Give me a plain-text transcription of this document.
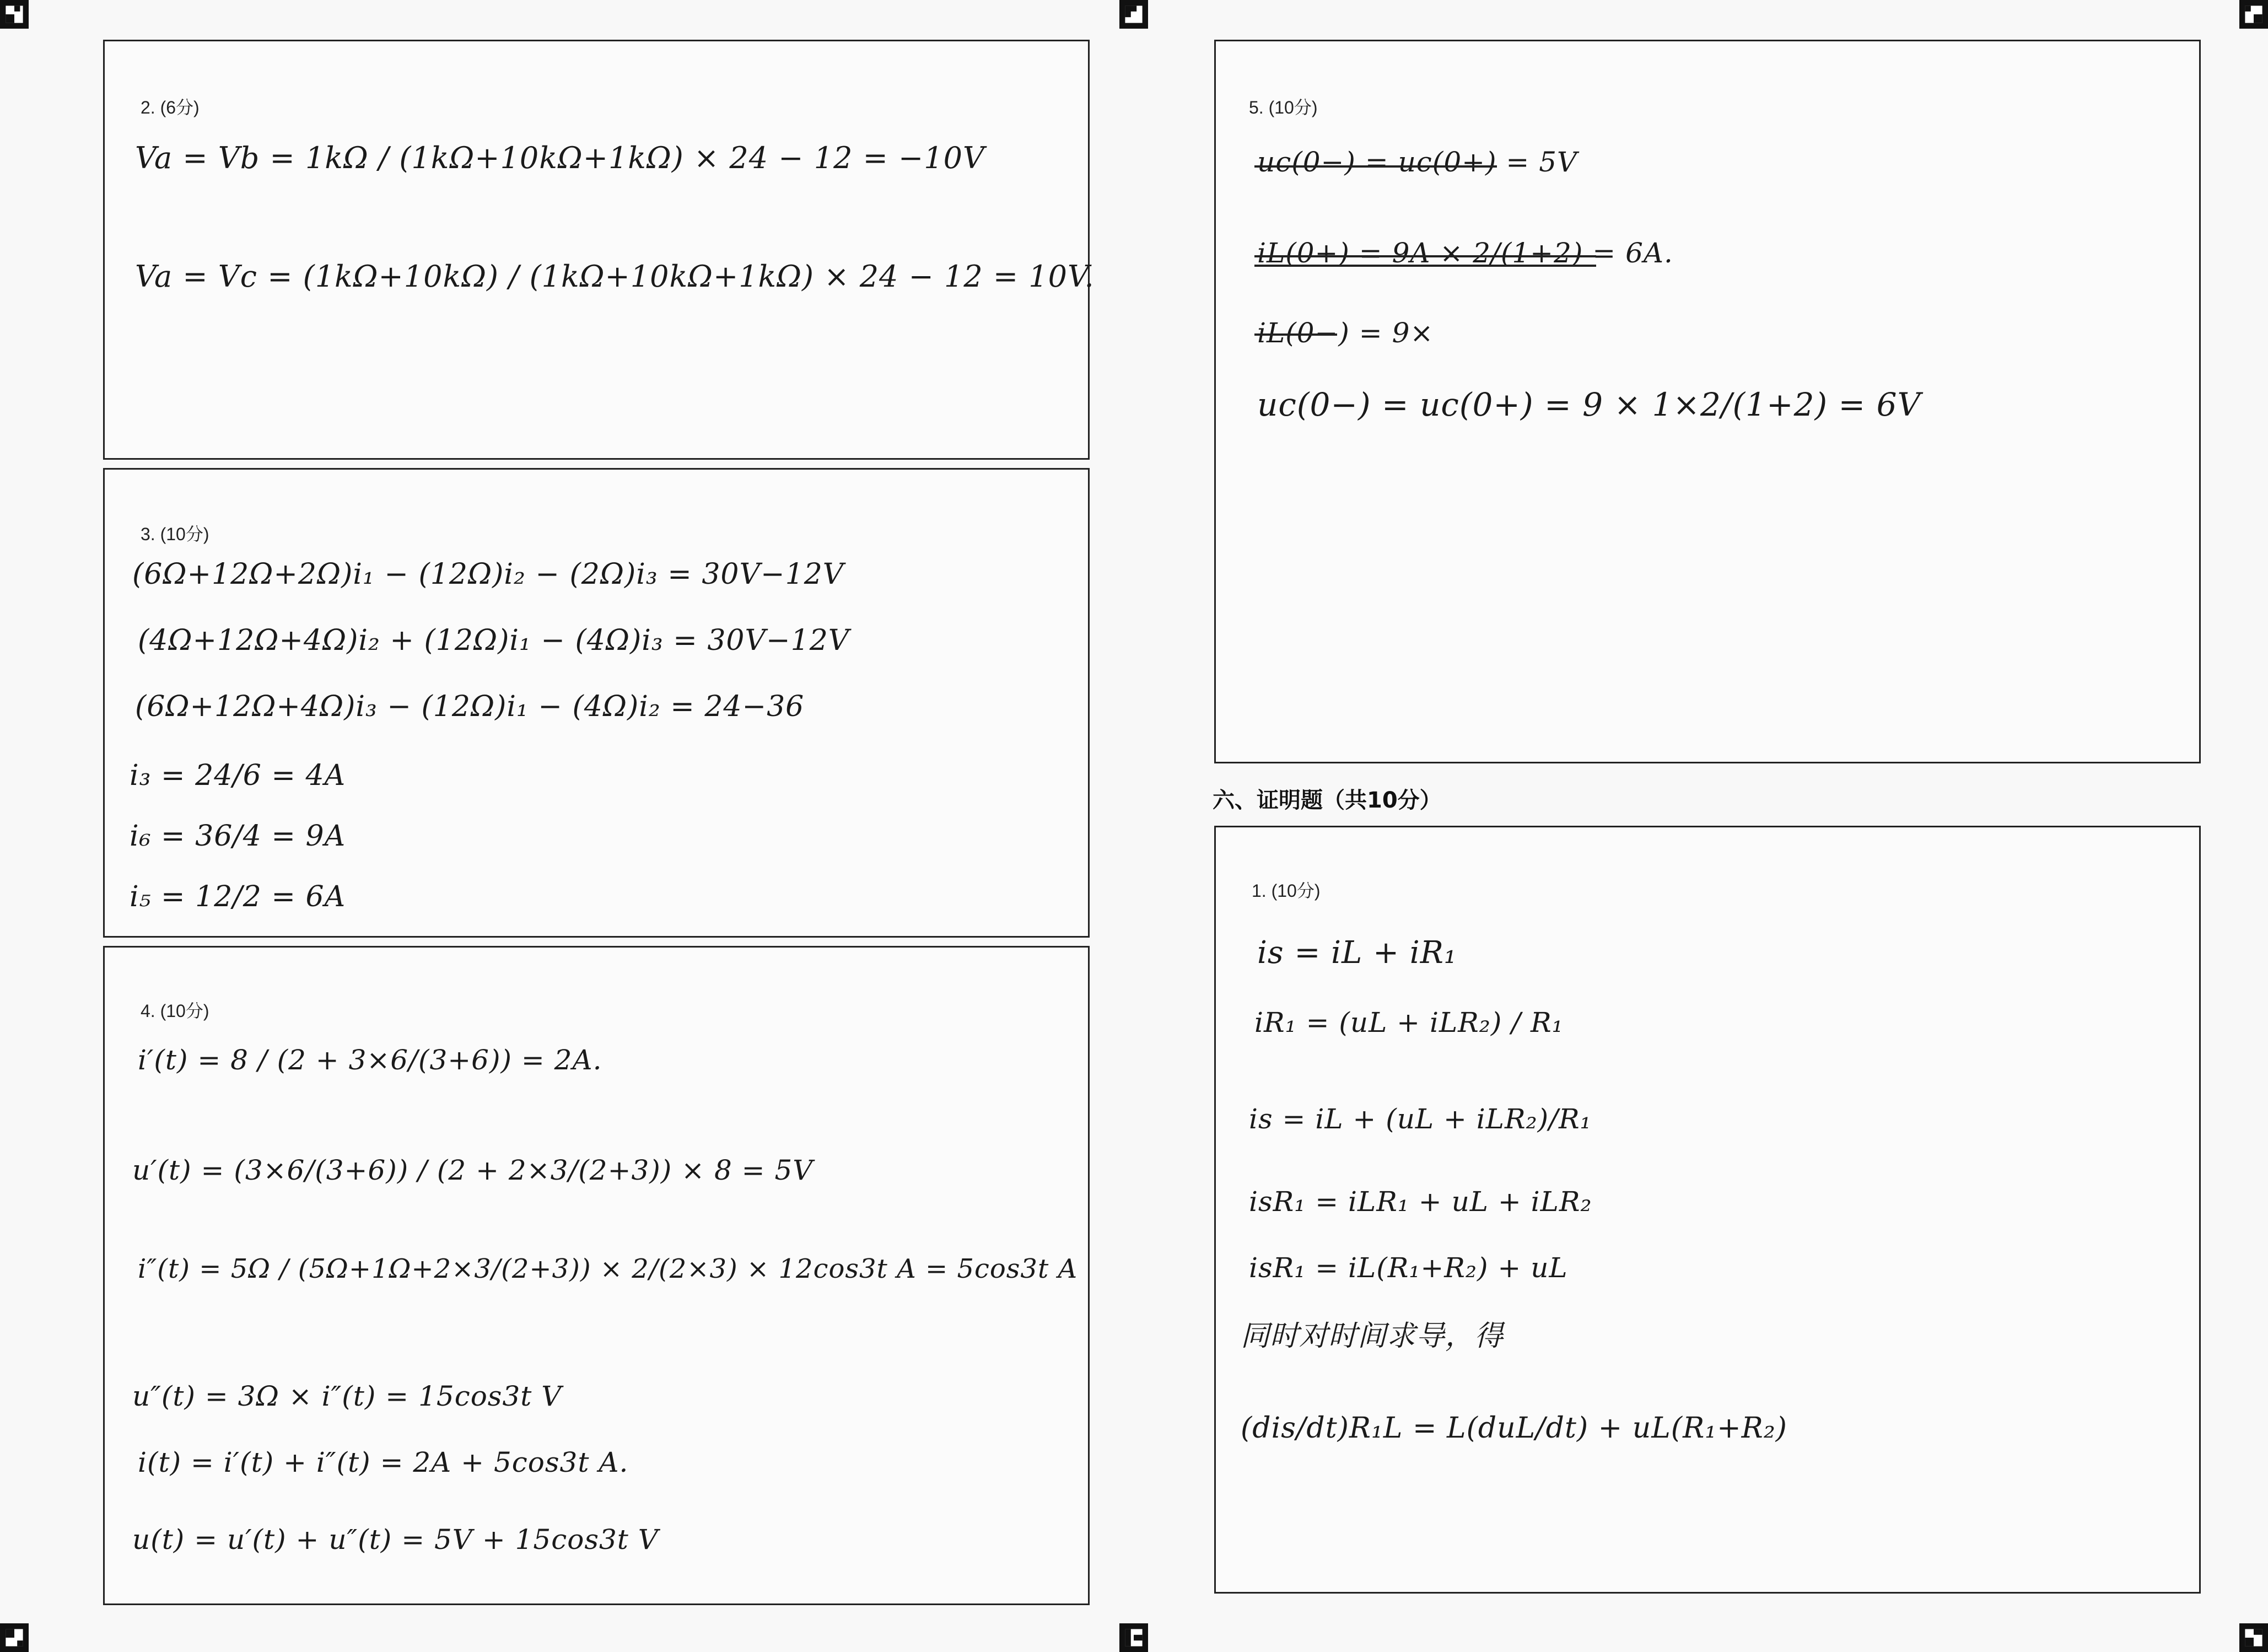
2. (6分)
Va = Vb = 1kΩ / (1kΩ+10kΩ+1kΩ) × 24 − 12 = −10V
Va = Vc = (1kΩ+10kΩ) / (1kΩ+10kΩ+1kΩ) × 24 − 12 = 10V.
3. (10分)
(6Ω+12Ω+2Ω)i₁ − (12Ω)i₂ − (2Ω)i₃ = 30V−12V
(4Ω+12Ω+4Ω)i₂ + (12Ω)i₁ − (4Ω)i₃ = 30V−12V
(6Ω+12Ω+4Ω)i₃ − (12Ω)i₁ − (4Ω)i₂ = 24−36
i₃ = 24/6 = 4A
i₆ = 36/4 = 9A
i₅ = 12/2 = 6A
4. (10分)
i′(t) = 8 / (2 + 3×6/(3+6)) = 2A.
u′(t) = (3×6/(3+6)) / (2 + 2×3/(2+3)) × 8 = 5V
i″(t) = 5Ω / (5Ω+1Ω+2×3/(2+3)) × 2/(2×3) × 12cos3t A = 5cos3t A
u″(t) = 3Ω × i″(t) = 15cos3t V
i(t) = i′(t) + i″(t) = 2A + 5cos3t A.
u(t) = u′(t) + u″(t) = 5V + 15cos3t V
5. (10分)
uc(0−) = uc(0+) = 5V
iL(0+) = 9A × 2/(1+2) = 6A.
iL(0−) = 9×
uc(0−) = uc(0+) = 9 × 1×2/(1+2) = 6V
六、证明题（共10分）
1. (10分)
is = iL + iR₁
iR₁ = (uL + iLR₂) / R₁
is = iL + (uL + iLR₂)/R₁
isR₁ = iLR₁ + uL + iLR₂
isR₁ = iL(R₁+R₂) + uL
同时对时间求导，得
(dis/dt)R₁L = L(duL/dt) + uL(R₁+R₂)
